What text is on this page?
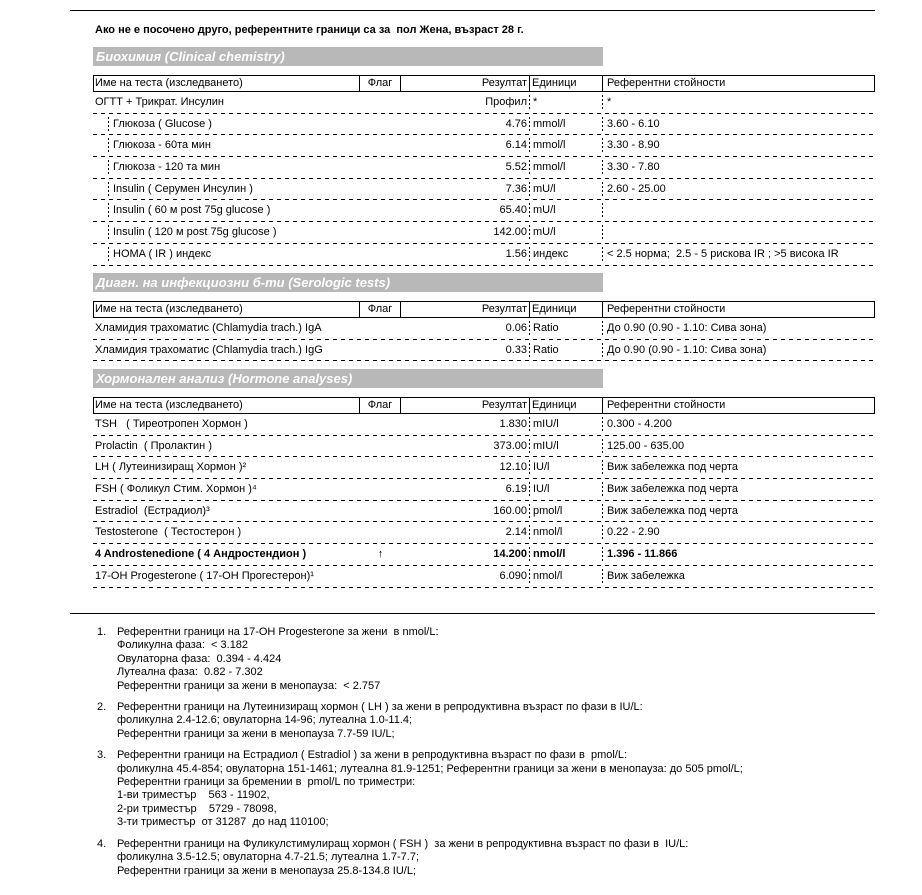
Ако не е посочено друго, референтните граници са за  пол Жена, възраст 28 г.
Биохимия (Clinical chemistry)
Име на теста (изследването)	Флаг	Резултат Единици	Референтни стойности
ОГТТ + Трикрат. Инсулин	Профил *	*
Глюкоза ( Glucose )	4.76 mmol/l	3.60 - 6.10
Глюкоза - 60та мин	6.14 mmol/l	3.30 - 8.90
Глюкоза - 120 та мин	5.52 mmol/l	3.30 - 7.80
Insulin ( Серумен Инсулин )	7.36 mU/l	2.60 - 25.00
Insulin ( 60 м post 75g glucose )	65.40 mU/l
Insulin ( 120 м post 75g glucose )	142.00 mU/l
HOMA ( IR ) индекс	1.56 индекс	< 2.5 норма;  2.5 - 5 рискова IR ; >5 висока IR
Диагн. на инфекциозни б-ти (Serologic tests)
Име на теста (изследването)	Флаг	Резултат Единици	Референтни стойности
Хламидия трахоматис (Chlamydia trach.) IgA	0.06 Ratio	До 0.90 (0.90 - 1.10: Сива зона)
Хламидия трахоматис (Chlamydia trach.) IgG	0.33 Ratio	До 0.90 (0.90 - 1.10: Сива зона)
Хормонален анализ (Hormone analyses)
Име на теста (изследването)	Флаг	Резултат Единици	Референтни стойности
TSH   ( Тиреотропен Хормон )	1.830 mIU/l	0.300 - 4.200
Prolactin  ( Пролактин )	373.00 mIU/l	125.00 - 635.00
LH ( Лутеинизиращ Хормон )²	12.10 IU/l	Виж забележка под черта
FSH ( Фоликул Стим. Хормон )⁴	6.19 IU/l	Виж забележка под черта
Estradiol  (Естрадиол)³	160.00 pmol/l	Виж забележка под черта
Testosterone  ( Тестостерон )	2.14 nmol/l	0.22 - 2.90
4 Androstenedione ( 4 Андростендион )	↑	14.200 nmol/l	1.396 - 11.866
17-OH Progesterone ( 17-OH Прогестерон)¹	6.090 nmol/l	Виж забележка
1. Референтни граници на 17-OH Progesterone за жени  в nmol/L:
Фоликулна фаза:  < 3.182
Овулаторна фаза:  0.394 - 4.424
Лутеална фаза:  0.82 - 7.302
Референтни граници за жени в менопауза:  < 2.757
2. Референтни граници на Лутеинизиращ хормон ( LH ) за жени в репродуктивна възраст по фази в IU/L:
фоликулна 2.4-12.6; овулаторна 14-96; лутеална 1.0-11.4;
Референтни граници за жени в менопауза 7.7-59 IU/L;
3. Референтни граници на Естрадиол ( Estradiol ) за жени в репродуктивна възраст по фази в  pmol/L:
фоликулна 45.4-854; овулаторна 151-1461; лутеална 81.9-1251; Референтни граници за жени в менопауза: до 505 pmol/L;
Референтни граници за бремении в  pmol/L по триместри:
1-ви триместър    563 - 11902,
2-ри триместър    5729 - 78098,
3-ти триместър  от 31287  до над 110100;
4. Референтни граници на Фуликулстимулиращ хормон ( FSH )  за жени в репродуктивна възраст по фази в  IU/L:
фоликулна 3.5-12.5; овулаторна 4.7-21.5; лутеална 1.7-7.7;
Референтни граници за жени в менопауза 25.8-134.8 IU/L;
